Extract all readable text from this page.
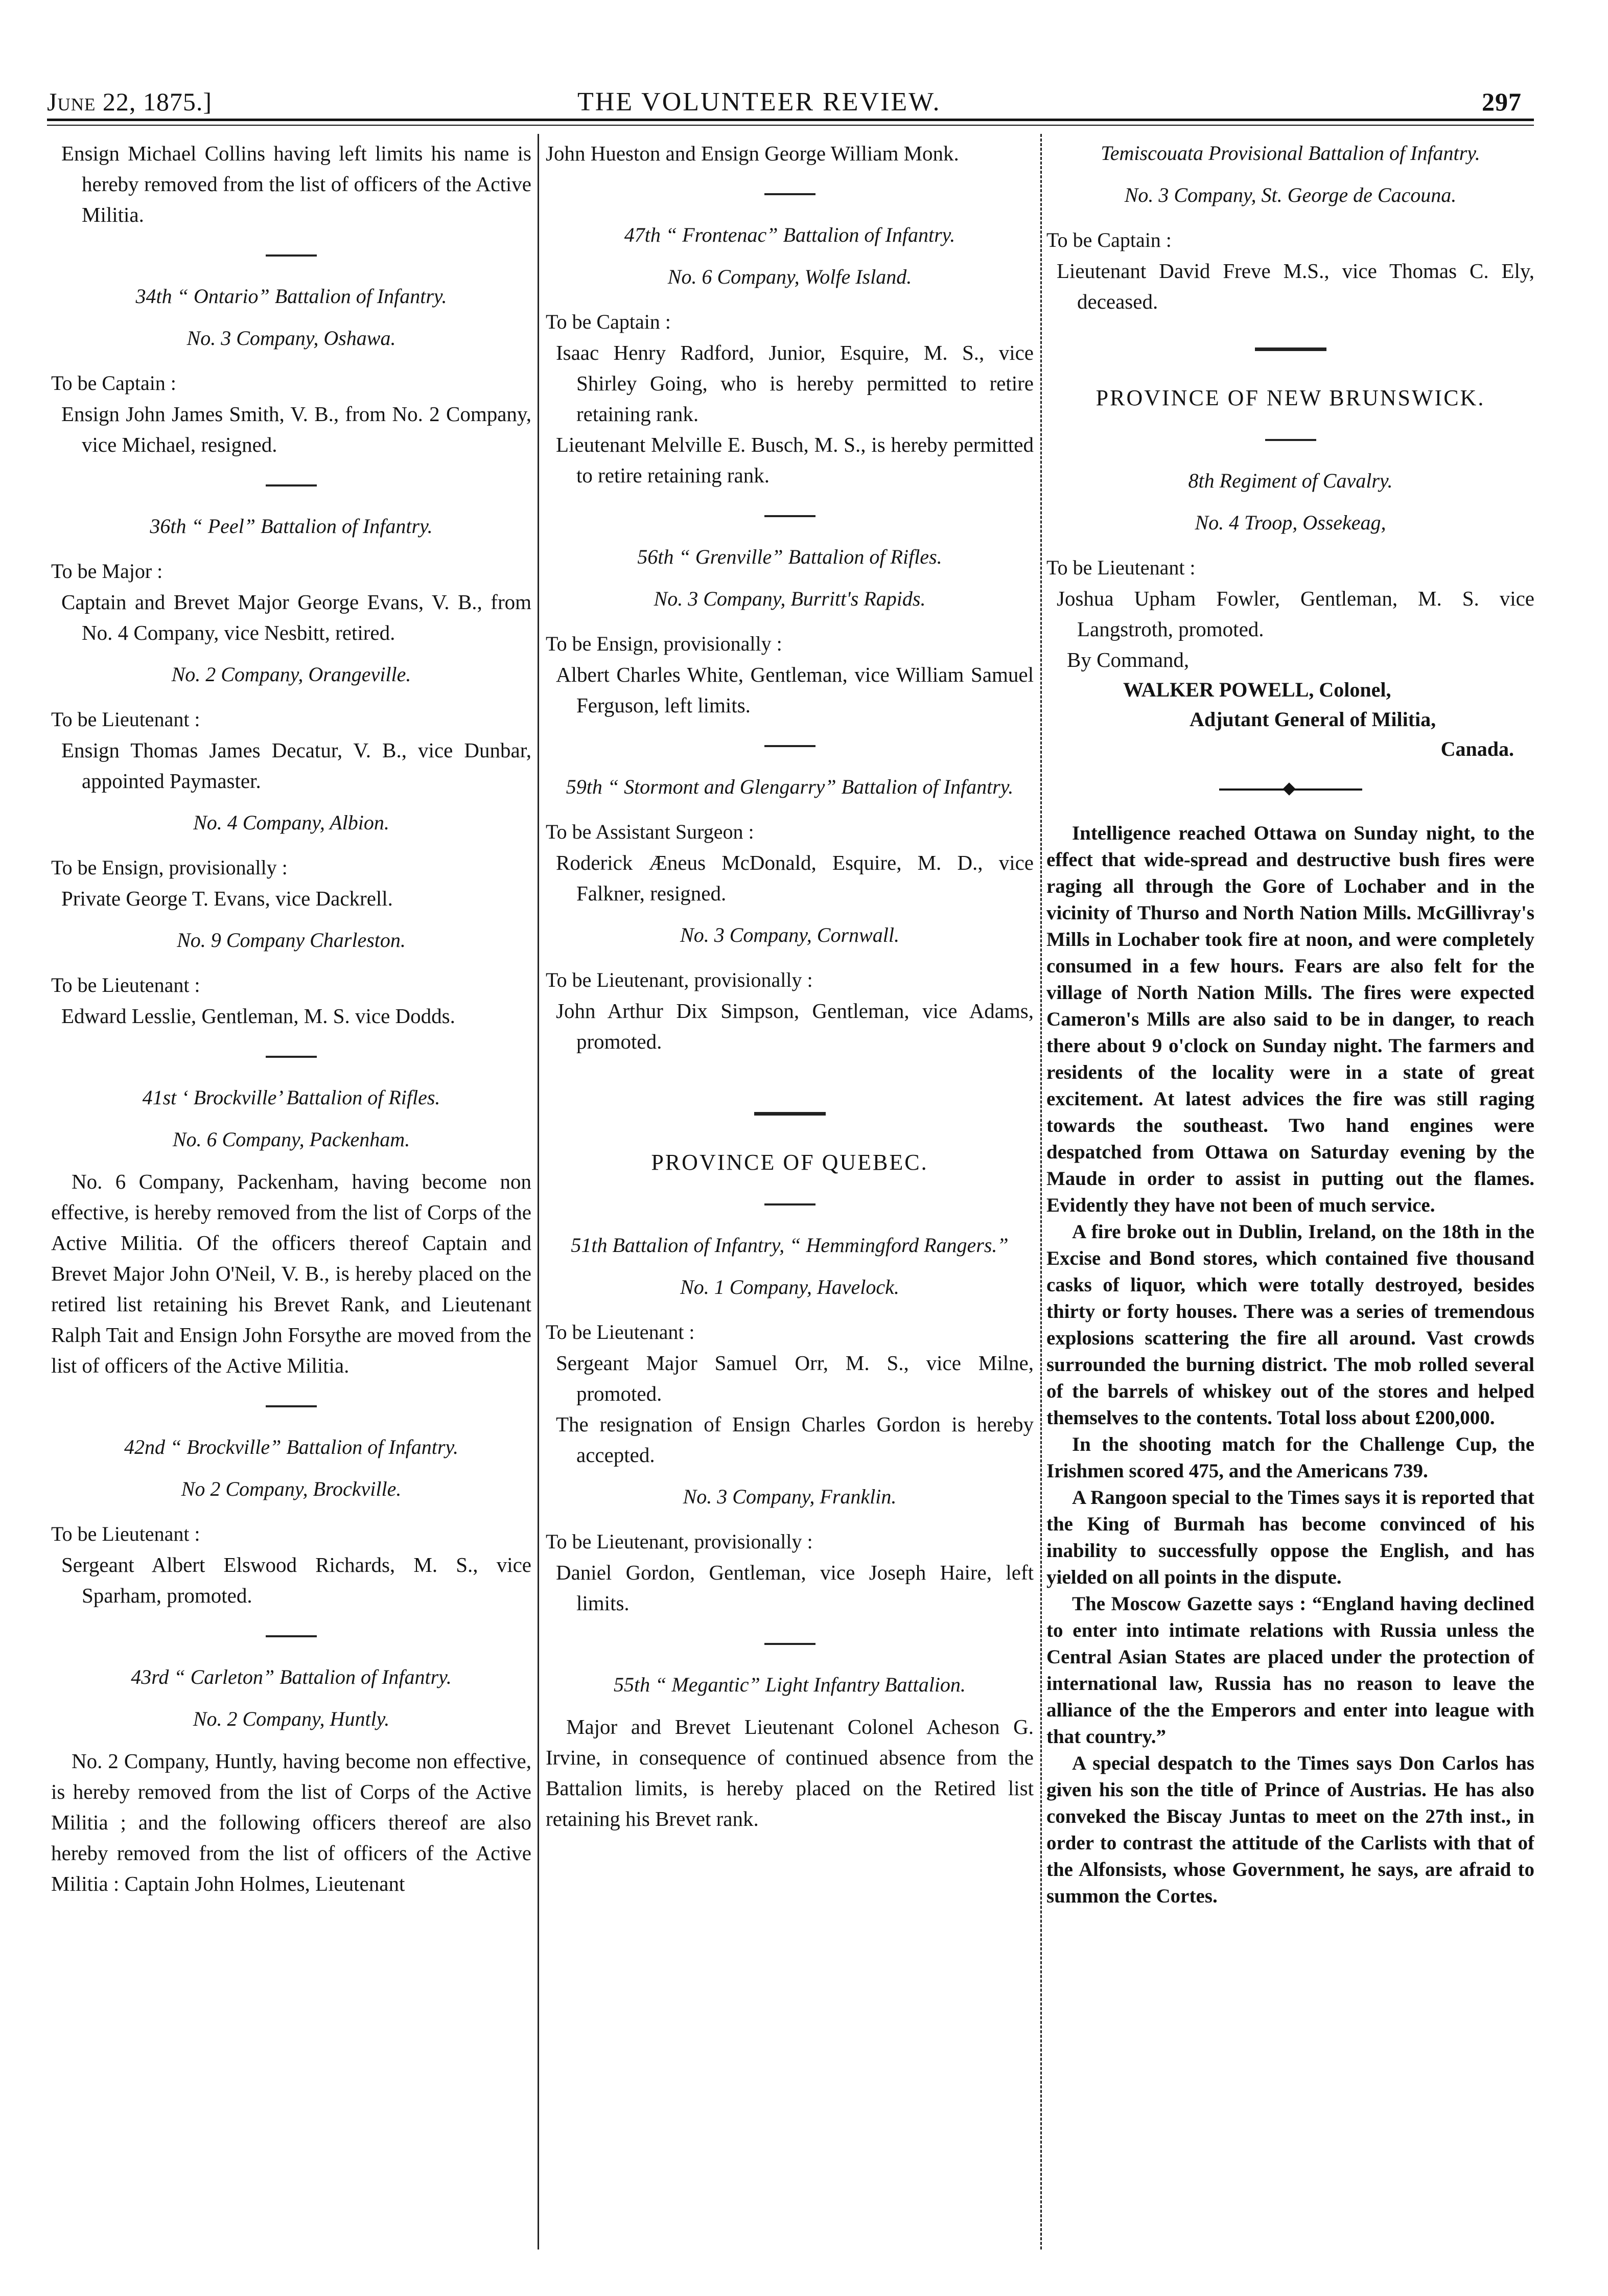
June 22, 1875.]	THE VOLUNTEER REVIEW.	297

Ensign Michael Collins having left limits his name is hereby removed from the list of officers of the Active Militia.

34th “ Ontario” Battalion of Infantry.

No. 3 Company, Oshawa.

To be Captain :

Ensign John James Smith, V. B., from No. 2 Company, vice Michael, resigned.

36th “ Peel” Battalion of Infantry.

To be Major :

Captain and Brevet Major George Evans, V. B., from No. 4 Company, vice Nesbitt, retired.

No. 2 Company, Orangeville.

To be Lieutenant :

Ensign Thomas James Decatur, V. B., vice Dunbar, appointed Paymaster.

No. 4 Company, Albion.

To be Ensign, provisionally :

Private George T. Evans, vice Dackrell.

No. 9 Company Charleston.

To be Lieutenant :

Edward Lesslie, Gentleman, M. S. vice Dodds.

41st ‘ Brockville’ Battalion of Rifles.

No. 6 Company, Packenham.

No. 6 Company, Packenham, having become non effective, is hereby removed from the list of Corps of the Active Militia. Of the officers thereof Captain and Brevet Major John O'Neil, V. B., is hereby placed on the retired list retaining his Brevet Rank, and Lieutenant Ralph Tait and Ensign John Forsythe are moved from the list of officers of the Active Militia.

42nd “ Brockville” Battalion of Infantry.

No 2 Company, Brockville.

To be Lieutenant :

Sergeant Albert Elswood Richards, M. S., vice Sparham, promoted.

43rd “ Carleton” Battalion of Infantry.

No. 2 Company, Huntly.

No. 2 Company, Huntly, having become non effective, is hereby removed from the list of Corps of the Active Militia ; and the following officers thereof are also hereby removed from the list of officers of the Active Militia : Captain John Holmes, Lieutenant

John Hueston and Ensign George William Monk.

47th “ Frontenac” Battalion of Infantry.

No. 6 Company, Wolfe Island.

To be Captain :

Isaac Henry Radford, Junior, Esquire, M. S., vice Shirley Going, who is hereby permitted to retire retaining rank.

Lieutenant Melville E. Busch, M. S., is hereby permitted to retire retaining rank.

56th “ Grenville” Battalion of Rifles.

No. 3 Company, Burritt's Rapids.

To be Ensign, provisionally :

Albert Charles White, Gentleman, vice William Samuel Ferguson, left limits.

59th “ Stormont and Glengarry” Battalion of Infantry.

To be Assistant Surgeon :

Roderick Æneus McDonald, Esquire, M. D., vice Falkner, resigned.

No. 3 Company, Cornwall.

To be Lieutenant, provisionally :

John Arthur Dix Simpson, Gentleman, vice Adams, promoted.

PROVINCE OF QUEBEC.

51th Battalion of Infantry, “ Hemmingford Rangers.”

No. 1 Company, Havelock.

To be Lieutenant :

Sergeant Major Samuel Orr, M. S., vice Milne, promoted.

The resignation of Ensign Charles Gordon is hereby accepted.

No. 3 Company, Franklin.

To be Lieutenant, provisionally :

Daniel Gordon, Gentleman, vice Joseph Haire, left limits.

55th “ Megantic” Light Infantry Battalion.

Major and Brevet Lieutenant Colonel Acheson G. Irvine, in consequence of continued absence from the Battalion limits, is hereby placed on the Retired list retaining his Brevet rank.

Temiscouata Provisional Battalion of Infantry.

No. 3 Company, St. George de Cacouna.

To be Captain :

Lieutenant David Freve M.S., vice Thomas C. Ely, deceased.

PROVINCE OF NEW BRUNSWICK.

8th Regiment of Cavalry.

No. 4 Troop, Ossekeag,

To be Lieutenant :

Joshua Upham Fowler, Gentleman, M. S. vice Langstroth, promoted.

By Command,

WALKER POWELL, Colonel,

Adjutant General of Militia,

Canada.

Intelligence reached Ottawa on Sunday night, to the effect that wide-spread and destructive bush fires were raging all through the Gore of Lochaber and in the vicinity of Thurso and North Nation Mills. McGillivray's Mills in Lochaber took fire at noon, and were completely consumed in a few hours. Fears are also felt for the village of North Nation Mills. The fires were expected Cameron's Mills are also said to be in danger, to reach there about 9 o'clock on Sunday night. The farmers and residents of the locality were in a state of great excitement. At latest advices the fire was still raging towards the southeast. Two hand engines were despatched from Ottawa on Saturday evening by the Maude in order to assist in putting out the flames. Evidently they have not been of much service.

A fire broke out in Dublin, Ireland, on the 18th in the Excise and Bond stores, which contained five thousand casks of liquor, which were totally destroyed, besides thirty or forty houses. There was a series of tremendous explosions scattering the fire all around. Vast crowds surrounded the burning district. The mob rolled several of the barrels of whiskey out of the stores and helped themselves to the contents. Total loss about £200,000.

In the shooting match for the Challenge Cup, the Irishmen scored 475, and the Americans 739.

A Rangoon special to the Times says it is reported that the King of Burmah has become convinced of his inability to successfully oppose the English, and has yielded on all points in the dispute.

The Moscow Gazette says : “England having declined to enter into intimate relations with Russia unless the Central Asian States are placed under the protection of international law, Russia has no reason to leave the alliance of the the Emperors and enter into league with that country.”

A special despatch to the Times says Don Carlos has given his son the title of Prince of Austrias. He has also conveked the Biscay Juntas to meet on the 27th inst., in order to contrast the attitude of the Carlists with that of the Alfonsists, whose Government, he says, are afraid to summon the Cortes.
